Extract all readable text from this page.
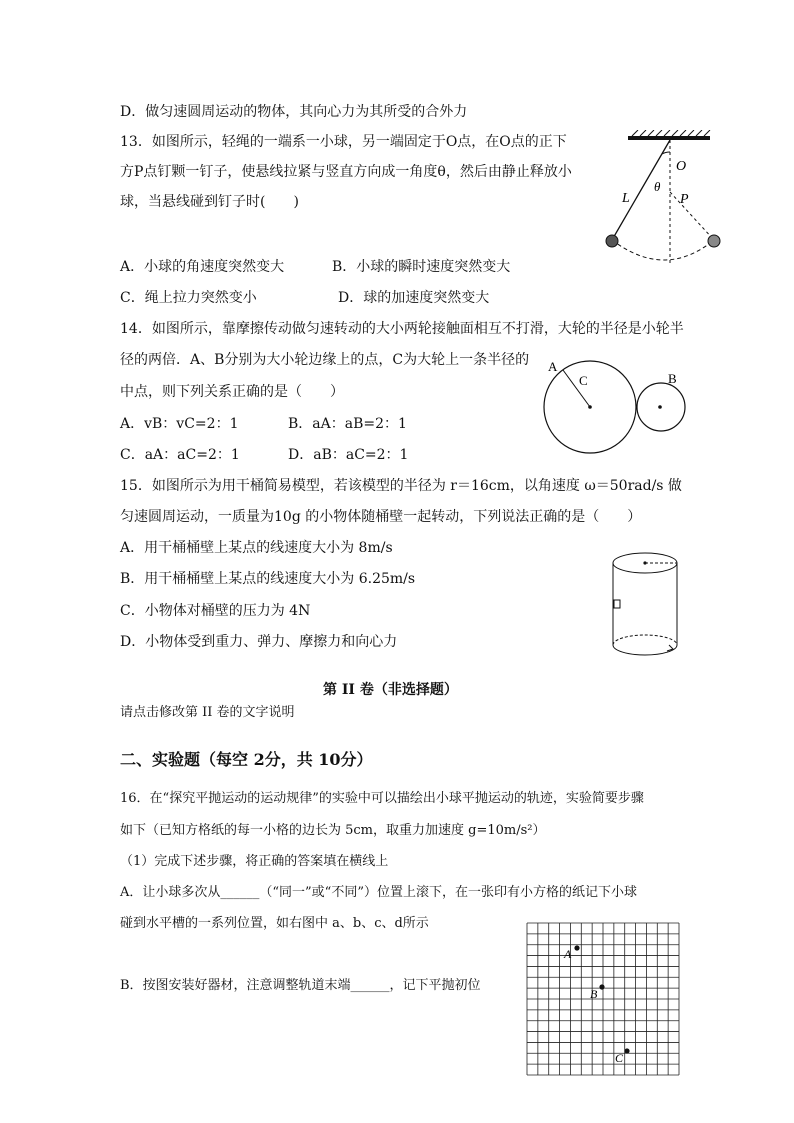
D．做匀速圆周运动的物体，其向心力为其所受的合外力
13．如图所示，轻绳的一端系一小球，另一端固定于O点，在O点的正下
方P点钉颗一钉子，使悬线拉紧与竖直方向成一角度θ，然后由静止释放小
球，当悬线碰到钉子时(　　)
A．小球的角速度突然变大	B．小球的瞬时速度突然变大
C．绳上拉力突然变小	D．球的加速度突然变大
O
L
θ
P
14．如图所示，靠摩擦传动做匀速转动的大小两轮接触面相互不打滑，大轮的半径是小轮半
径的两倍．A、B分别为大小轮边缘上的点，C为大轮上一条半径的
中点，则下列关系正确的是（　　）
A．vB：vC=2：1	B．aA：aB=2：1
C．aA：aC=2：1	D．aB：aC=2：1
A
C	B
15．如图所示为用干桶简易模型，若该模型的半径为 r＝16cm，以角速度 ω＝50rad/s 做
匀速圆周运动，一质量为10g 的小物体随桶壁一起转动，下列说法正确的是（　　）
A．用干桶桶壁上某点的线速度大小为 8m/s
B．用干桶桶壁上某点的线速度大小为 6.25m/s
C．小物体对桶壁的压力为 4N
D．小物体受到重力、弹力、摩擦力和向心力
第 II 卷（非选择题）
请点击修改第 II 卷的文字说明
二、实验题（每空 2分，共 10分）
16．在“探究平抛运动的运动规律”的实验中可以描绘出小球平抛运动的轨迹，实验简要步骤
如下（已知方格纸的每一小格的边长为 5cm，取重力加速度 g=10m/s²）
（1）完成下述步骤，将正确的答案填在横线上
A．让小球多次从______（“同一”或“不同”）位置上滚下，在一张印有小方格的纸记下小球
碰到水平槽的一系列位置，如右图中 a、b、c、d所示
B．按图安装好器材，注意调整轨道末端______，记下平抛初位
A
B
C
